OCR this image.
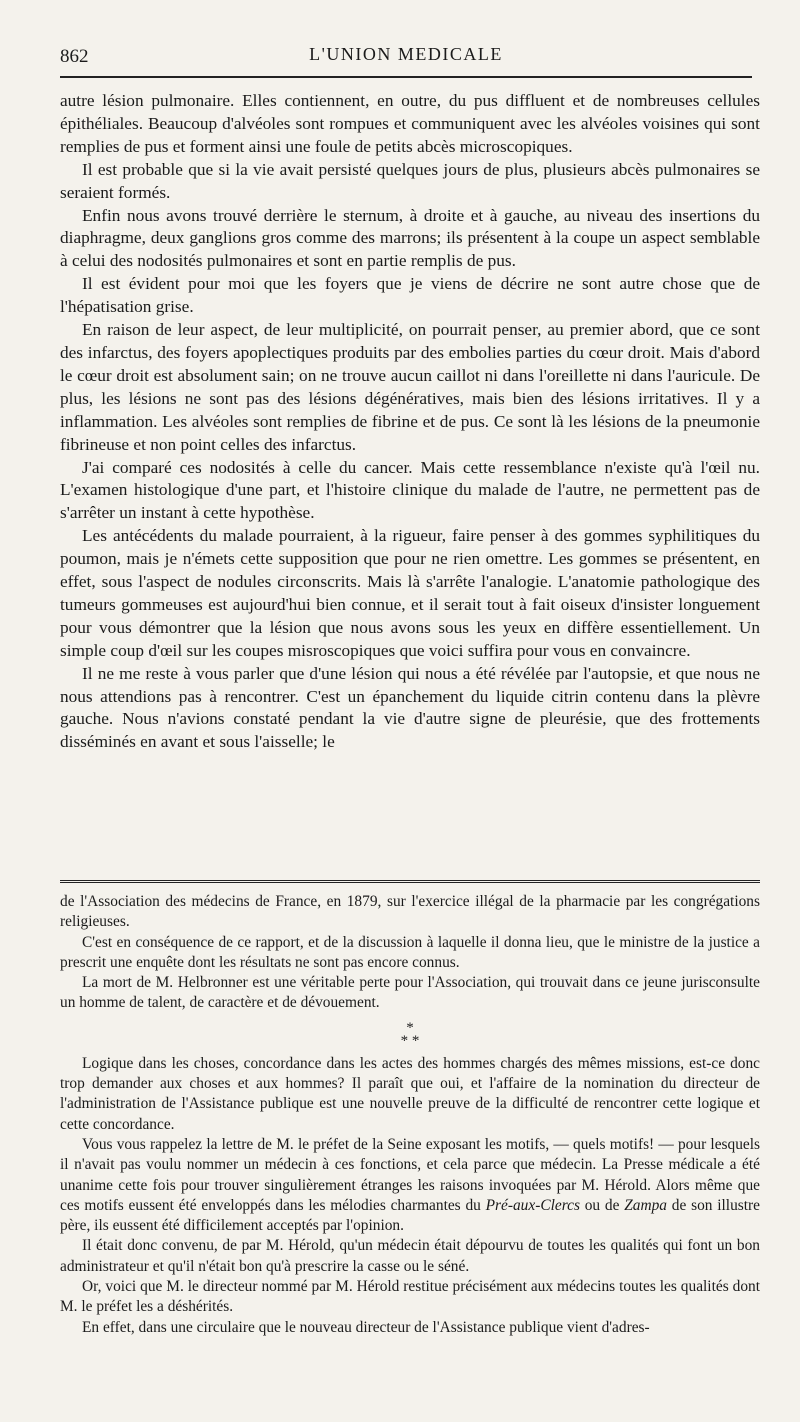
862	L'UNION MEDICALE

autre lésion pulmonaire. Elles contiennent, en outre, du pus diffluent et de nombreuses cellules épithéliales. Beaucoup d'alvéoles sont rompues et communiquent avec les alvéoles voisines qui sont remplies de pus et forment ainsi une foule de petits abcès microscopiques.

Il est probable que si la vie avait persisté quelques jours de plus, plusieurs abcès pulmonaires se seraient formés.

Enfin nous avons trouvé derrière le sternum, à droite et à gauche, au niveau des insertions du diaphragme, deux ganglions gros comme des marrons; ils présentent à la coupe un aspect semblable à celui des nodosités pulmonaires et sont en partie remplis de pus.

Il est évident pour moi que les foyers que je viens de décrire ne sont autre chose que de l'hépatisation grise.

En raison de leur aspect, de leur multiplicité, on pourrait penser, au premier abord, que ce sont des infarctus, des foyers apoplectiques produits par des embolies parties du cœur droit. Mais d'abord le cœur droit est absolument sain; on ne trouve aucun caillot ni dans l'oreillette ni dans l'auricule. De plus, les lésions ne sont pas des lésions dégénératives, mais bien des lésions irritatives. Il y a inflammation. Les alvéoles sont remplies de fibrine et de pus. Ce sont là les lésions de la pneumonie fibrineuse et non point celles des infarctus.

J'ai comparé ces nodosités à celle du cancer. Mais cette ressemblance n'existe qu'à l'œil nu. L'examen histologique d'une part, et l'histoire clinique du malade de l'autre, ne permettent pas de s'arrêter un instant à cette hypothèse.

Les antécédents du malade pourraient, à la rigueur, faire penser à des gommes syphilitiques du poumon, mais je n'émets cette supposition que pour ne rien omettre. Les gommes se présentent, en effet, sous l'aspect de nodules circonscrits. Mais là s'arrête l'analogie. L'anatomie pathologique des tumeurs gommeuses est aujourd'hui bien connue, et il serait tout à fait oiseux d'insister longuement pour vous démontrer que la lésion que nous avons sous les yeux en diffère essentiellement. Un simple coup d'œil sur les coupes misroscopiques que voici suffira pour vous en convaincre.

Il ne me reste à vous parler que d'une lésion qui nous a été révélée par l'autopsie, et que nous ne nous attendions pas à rencontrer. C'est un épanchement du liquide citrin contenu dans la plèvre gauche. Nous n'avions constaté pendant la vie d'autre signe de pleurésie, que des frottements disséminés en avant et sous l'aisselle; le

de l'Association des médecins de France, en 1879, sur l'exercice illégal de la pharmacie par les congrégations religieuses.

C'est en conséquence de ce rapport, et de la discussion à laquelle il donna lieu, que le ministre de la justice a prescrit une enquête dont les résultats ne sont pas encore connus.

La mort de M. Helbronner est une véritable perte pour l'Association, qui trouvait dans ce jeune jurisconsulte un homme de talent, de caractère et de dévouement.

*
* *

Logique dans les choses, concordance dans les actes des hommes chargés des mêmes missions, est-ce donc trop demander aux choses et aux hommes? Il paraît que oui, et l'affaire de la nomination du directeur de l'administration de l'Assistance publique est une nouvelle preuve de la difficulté de rencontrer cette logique et cette concordance.

Vous vous rappelez la lettre de M. le préfet de la Seine exposant les motifs, — quels motifs! — pour lesquels il n'avait pas voulu nommer un médecin à ces fonctions, et cela parce que médecin. La Presse médicale a été unanime cette fois pour trouver singulièrement étranges les raisons invoquées par M. Hérold. Alors même que ces motifs eussent été enveloppés dans les mélodies charmantes du Pré-aux-Clercs ou de Zampa de son illustre père, ils eussent été difficilement acceptés par l'opinion.

Il était donc convenu, de par M. Hérold, qu'un médecin était dépourvu de toutes les qualités qui font un bon administrateur et qu'il n'était bon qu'à prescrire la casse ou le séné.

Or, voici que M. le directeur nommé par M. Hérold restitue précisément aux médecins toutes les qualités dont M. le préfet les a déshérités.

En effet, dans une circulaire que le nouveau directeur de l'Assistance publique vient d'adres-
